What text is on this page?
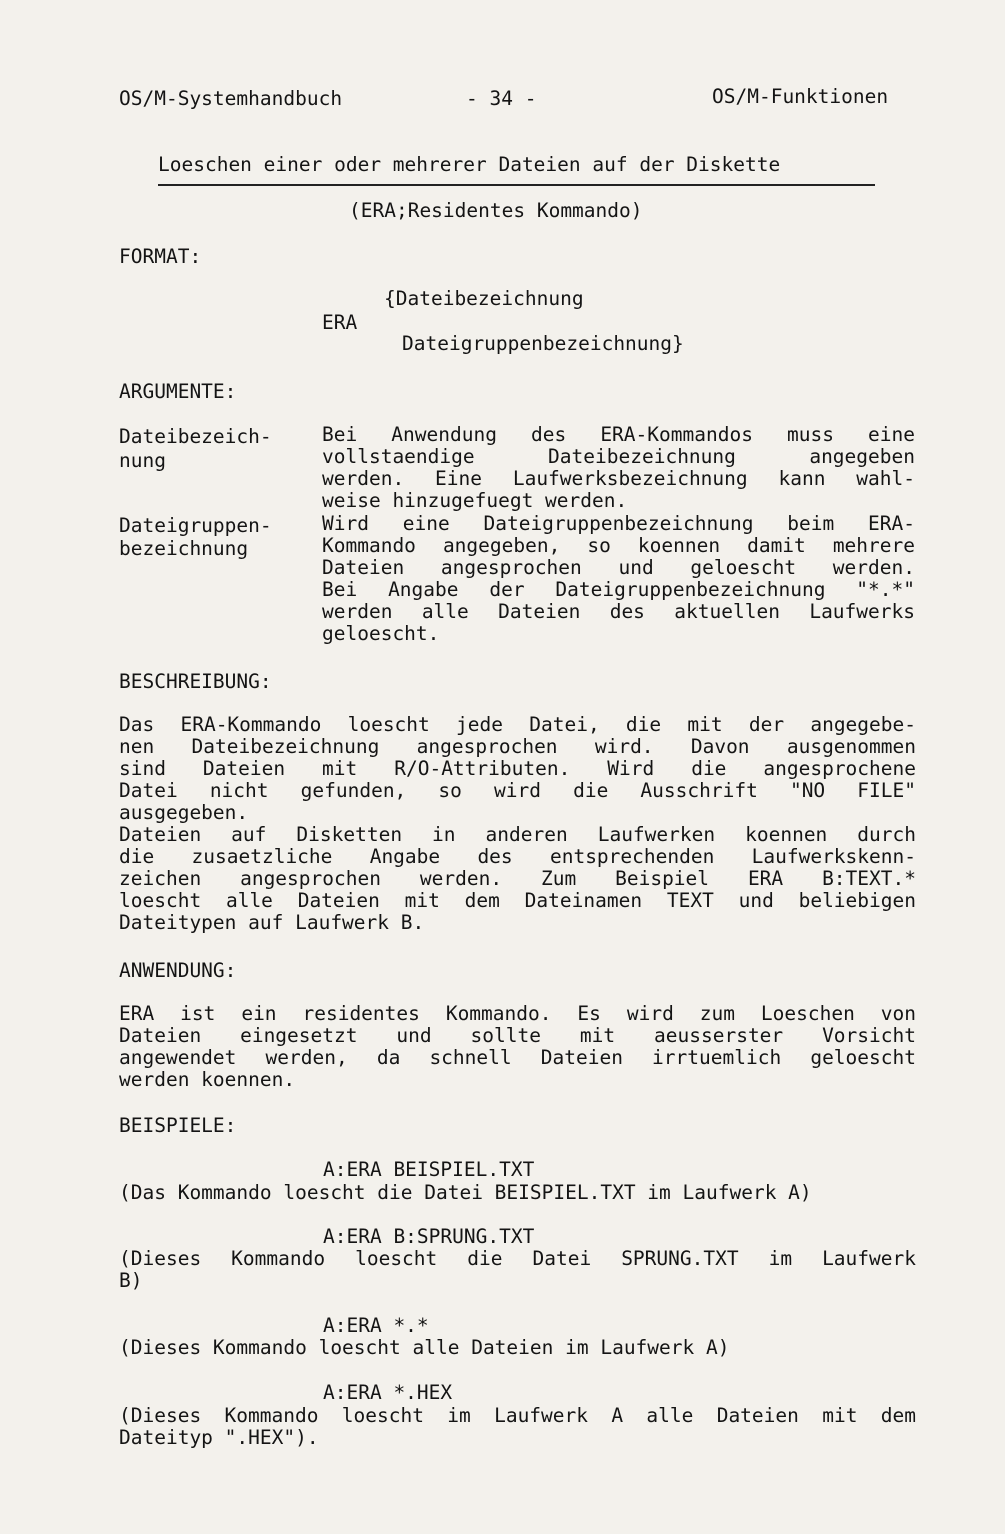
OS/M-Systemhandbuch	- 34 -	OS/M-Funktionen
Loeschen einer oder mehrerer Dateien auf der Diskette
(ERA;Residentes Kommando)
FORMAT:
{Dateibezeichnung
ERA
Dateigruppenbezeichnung}
ARGUMENTE:
Dateibezeich-
nung
Bei Anwendung des ERA-Kommandos muss eine
vollstaendige Dateibezeichnung angegeben
werden. Eine Laufwerksbezeichnung kann wahl-
weise hinzugefuegt werden.
Dateigruppen-
bezeichnung
Wird eine Dateigruppenbezeichnung beim ERA-
Kommando angegeben, so koennen damit mehrere
Dateien angesprochen und geloescht werden.
Bei Angabe der Dateigruppenbezeichnung "*.*"
werden alle Dateien des aktuellen Laufwerks
geloescht.
BESCHREIBUNG:
Das ERA-Kommando loescht jede Datei, die mit der angegebe-
nen Dateibezeichnung angesprochen wird. Davon ausgenommen
sind Dateien mit R/O-Attributen. Wird die angesprochene
Datei nicht gefunden, so wird die Ausschrift "NO FILE"
ausgegeben.
Dateien auf Disketten in anderen Laufwerken koennen durch
die zusaetzliche Angabe des entsprechenden Laufwerkskenn-
zeichen angesprochen werden. Zum Beispiel ERA B:TEXT.*
loescht alle Dateien mit dem Dateinamen TEXT und beliebigen
Dateitypen auf Laufwerk B.
ANWENDUNG:
ERA ist ein residentes Kommando. Es wird zum Loeschen von
Dateien eingesetzt und sollte mit aeusserster Vorsicht
angewendet werden, da schnell Dateien irrtuemlich geloescht
werden koennen.
BEISPIELE:
A:ERA BEISPIEL.TXT
(Das Kommando loescht die Datei BEISPIEL.TXT im Laufwerk A)
A:ERA B:SPRUNG.TXT
(Dieses Kommando loescht die Datei SPRUNG.TXT im Laufwerk
B)
A:ERA *.*
(Dieses Kommando loescht alle Dateien im Laufwerk A)
A:ERA *.HEX
(Dieses Kommando loescht im Laufwerk A alle Dateien mit dem
Dateityp ".HEX").
